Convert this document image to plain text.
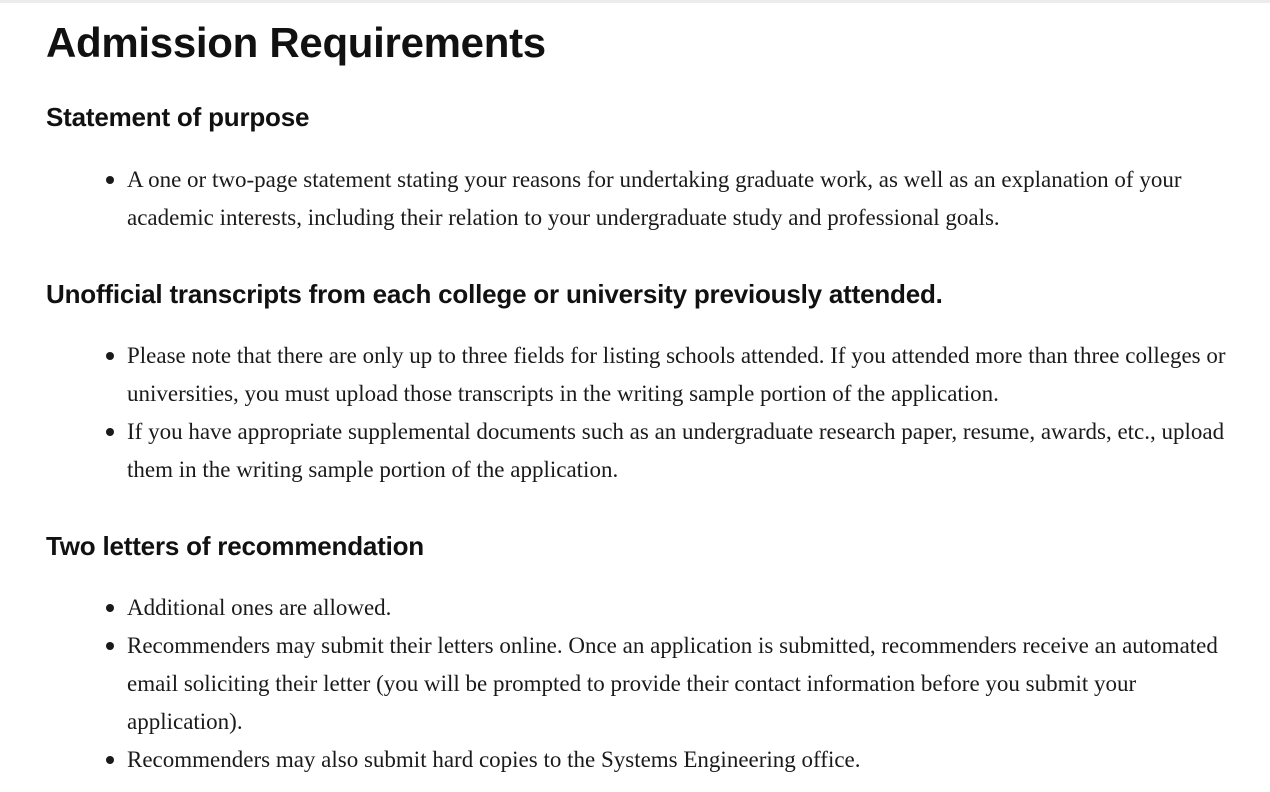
Admission Requirements
Statement of purpose
A one or two-page statement stating your reasons for undertaking graduate work, as well as an explanation of your academic interests, including their relation to your undergraduate study and professional goals.
Unofficial transcripts from each college or university previously attended.
Please note that there are only up to three fields for listing schools attended. If you attended more than three colleges or universities, you must upload those transcripts in the writing sample portion of the application.
If you have appropriate supplemental documents such as an undergraduate research paper, resume, awards, etc., upload them in the writing sample portion of the application.
Two letters of recommendation
Additional ones are allowed.
Recommenders may submit their letters online. Once an application is submitted, recommenders receive an automated email soliciting their letter (you will be prompted to provide their contact information before you submit your application).
Recommenders may also submit hard copies to the Systems Engineering office.
